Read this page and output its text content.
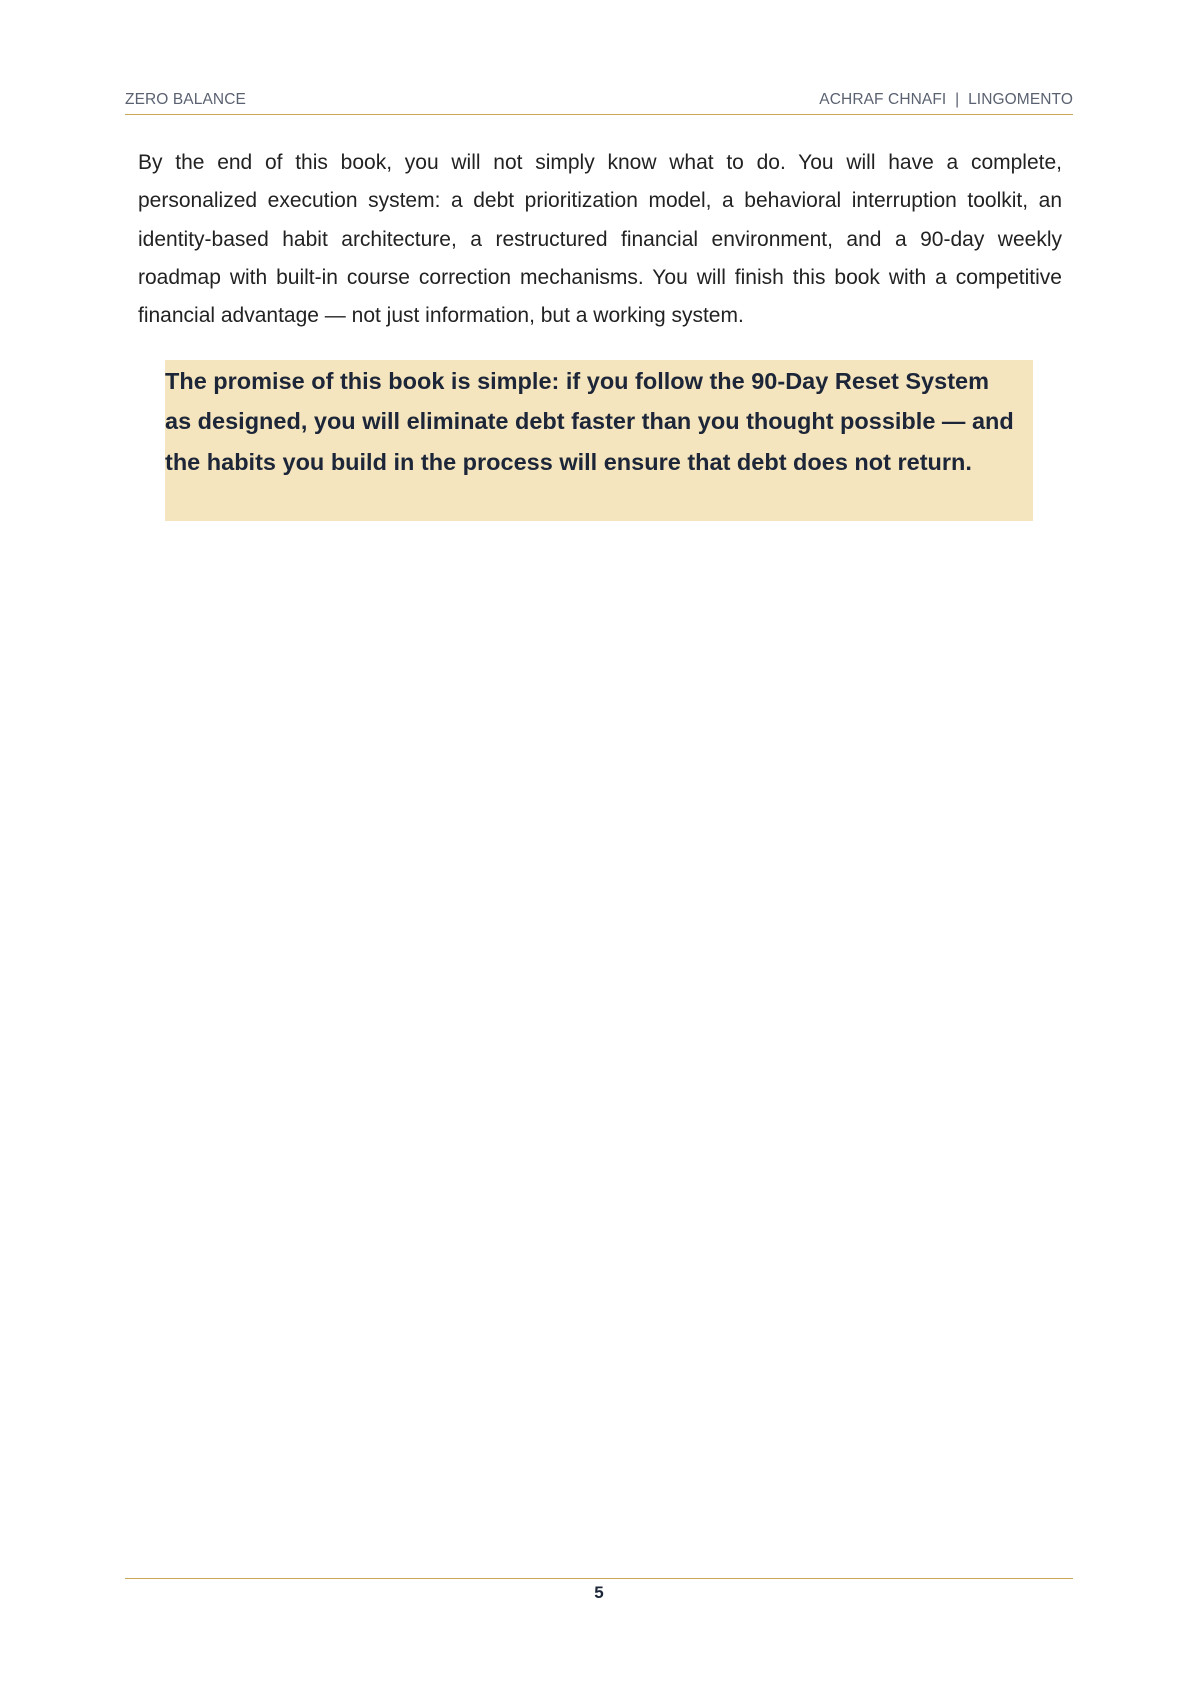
ZERO BALANCE	ACHRAF CHNAFI  |  LINGOMENTO

By the end of this book, you will not simply know what to do. You will have a complete, personalized execution system: a debt prioritization model, a behavioral interruption toolkit, an identity-based habit architecture, a restructured financial environment, and a 90-day weekly roadmap with built-in course correction mechanisms. You will finish this book with a competitive financial advantage — not just information, but a working system.

The promise of this book is simple: if you follow the 90-Day Reset System as designed, you will eliminate debt faster than you thought possible — and the habits you build in the process will ensure that debt does not return.

5
